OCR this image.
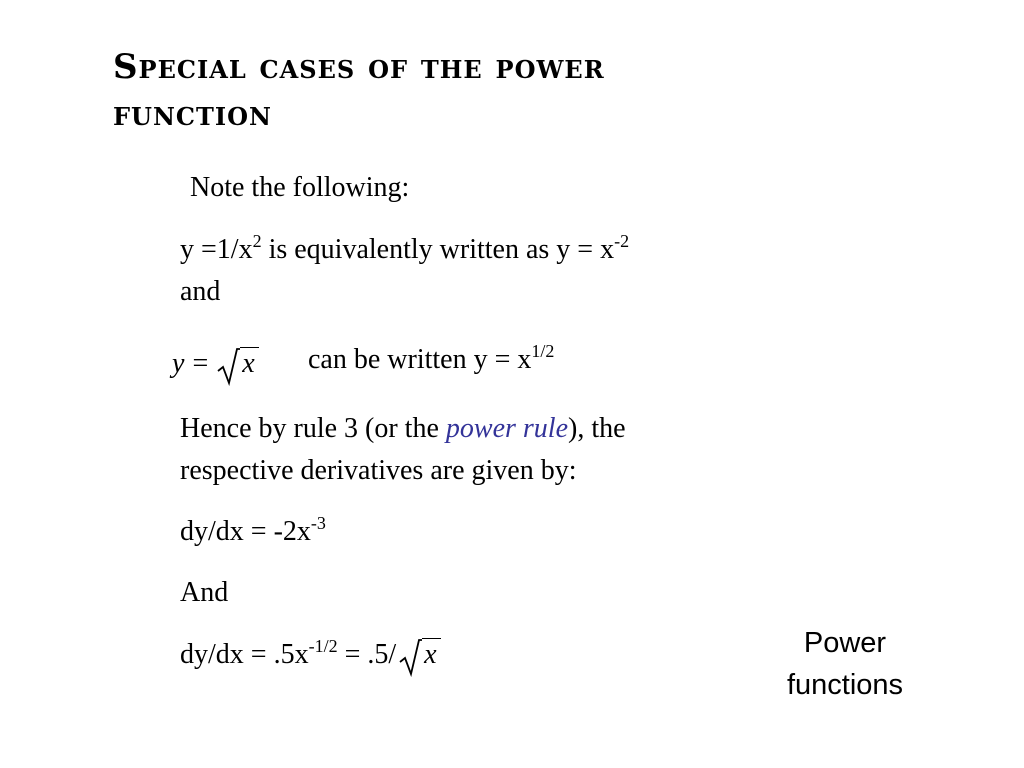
Special cases of the power function

Note the following:

$y =1/x^2$ is equivalently written as $y = x^{-2}$

and

y = x can be written $y = x^{1/2}$

Hence by rule 3 (or the power rule), the

respective derivatives are given by:

$dy/dx = -2x^{-3}$

And

$dy/dx = .5x^{-1/2} = .5/$ x	Power
functions
